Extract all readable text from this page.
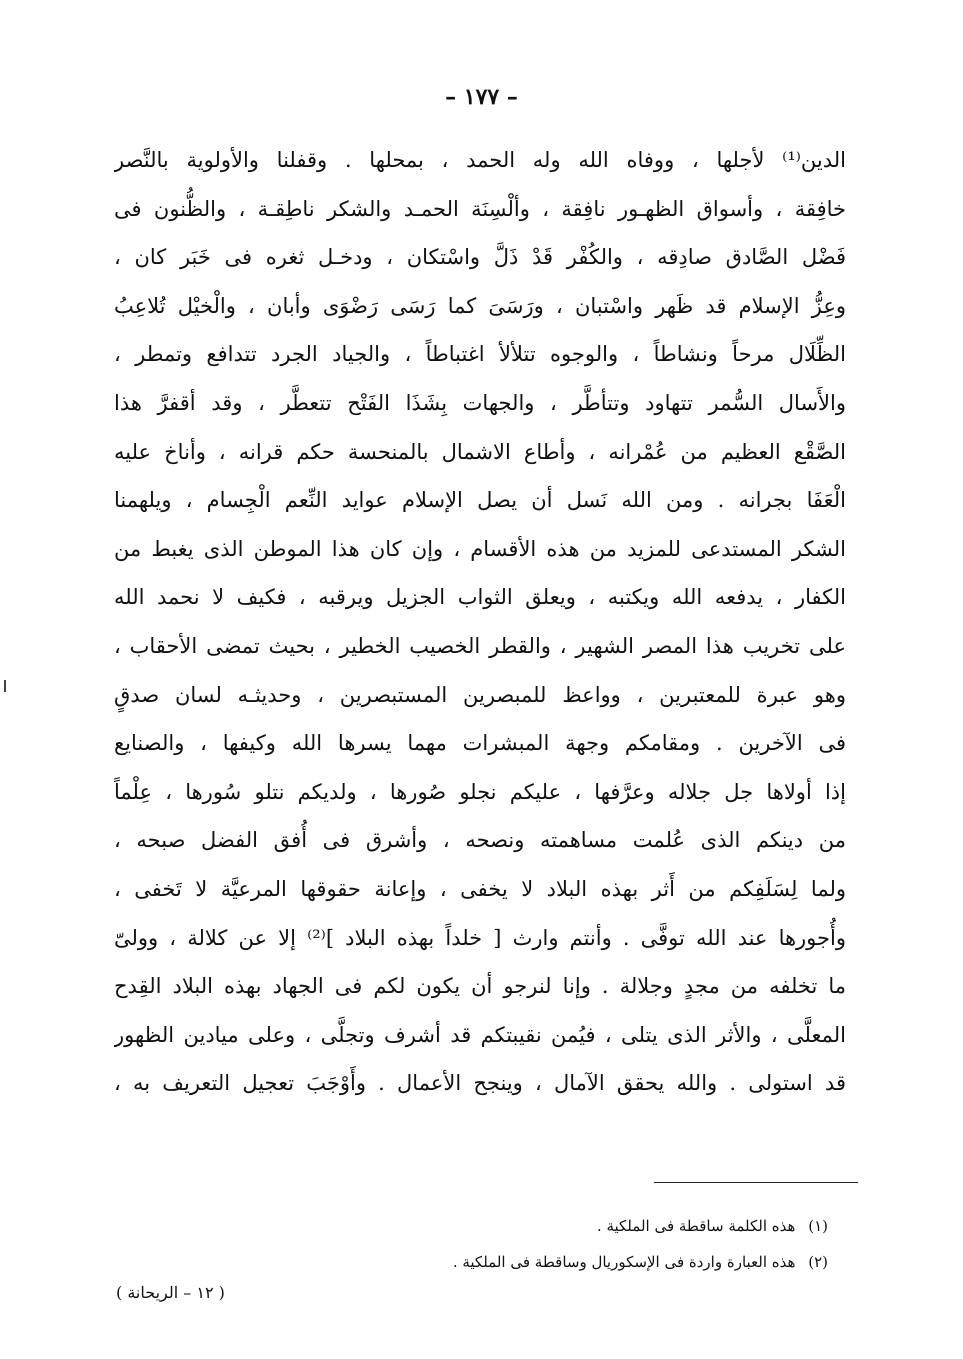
– ١٧٧ –
الدين⁽¹⁾ لأجلها ، ووفاه الله وله الحمد ، بمحلها . وقفلنا والأولوية بالنَّصر
خافِقة ، وأسواق الظهـور نافِقة ، وألْسِنَة الحمـد والشكر ناطِقـة ، والظُّنون فى
فَضْل الصَّادق صادِقه ، والكُفْر قَدْ ذَلَّ واسْتكان ، ودخـل ثغره فى خَبَر كان ،
وعِزُّ الإسلام قد ظَهر واسْتبان ، ورَسَىَ كما رَسَى رَضْوَى وأبان ، والْخيْل تُلاعِبُ
الظِّلَال مرحاً ونشاطاً ، والوجوه تتلألأ اغتباطاً ، والجياد الجرد تتدافع وتمطر ،
والأَسال السُّمر تتهاود وتتأطَّر ، والجهات بِشَذَا الفَتْح تتعطَّر ، وقد أقفرَّ هذا
الصَّقْع العظيم من عُمْرانه ، وأطاع الاشمال بالمنحسة حكم قرانه ، وأناخ عليه
الْعَفَا بجرانه . ومن الله نَسل أن يصل الإسلام عوايد النِّعم الْجِسام ، ويلهمنا
الشكر المستدعى للمزيد من هذه الأقسام ، وإن كان هذا الموطن الذى يغبط من
الكفار ، يدفعه الله ويكتبه ، ويعلق الثواب الجزيل ويرقبه ، فكيف لا نحمد الله
على تخريب هذا المصر الشهير ، والقطر الخصيب الخطير ، بحيث تمضى الأحقاب ،
وهو عبرة للمعتبرين ، وواعظ للمبصرين المستبصرين ، وحديثـه لسان صدقٍ
فى الآخرين . ومقامكم وجهة المبشرات مهما يسرها الله وكيفها ، والصنايع
إذا أولاها جل جلاله وعرَّفها ، عليكم نجلو صُورها ، ولديكم نتلو سُورها ، عِلْماً
من دينكم الذى عُلمت مساهمته ونصحه ، وأشرق فى أُفق الفضل صبحه ،
ولما لِسَلَفِكم من أَثر بهذه البلاد لا يخفى ، وإعانة حقوقها المرعيَّة لا تَخفى ،
وأُجورها عند الله توفَّى . وأنتم وارث [ خلداً بهذه البلاد ]⁽²⁾ إلا عن كلالة ، وولىّ
ما تخلفه من مجدٍ وجلالة . وإنا لنرجو أن يكون لكم فى الجهاد بهذه البلاد القِدح
المعلَّى ، والأثر الذى يتلى ، فيُمن نقيبتكم قد أشرف وتجلَّى ، وعلى ميادين الظهور
قد استولى . والله يحقق الآمال ، وينجح الأعمال . وأَوْجَبَ تعجيل التعريف به ،
(١) هذه الكلمة ساقطة فى الملكية .
(٢) هذه العبارة واردة فى الإسكوريال وساقطة فى الملكية .
( ١٢ – الريحانة )
